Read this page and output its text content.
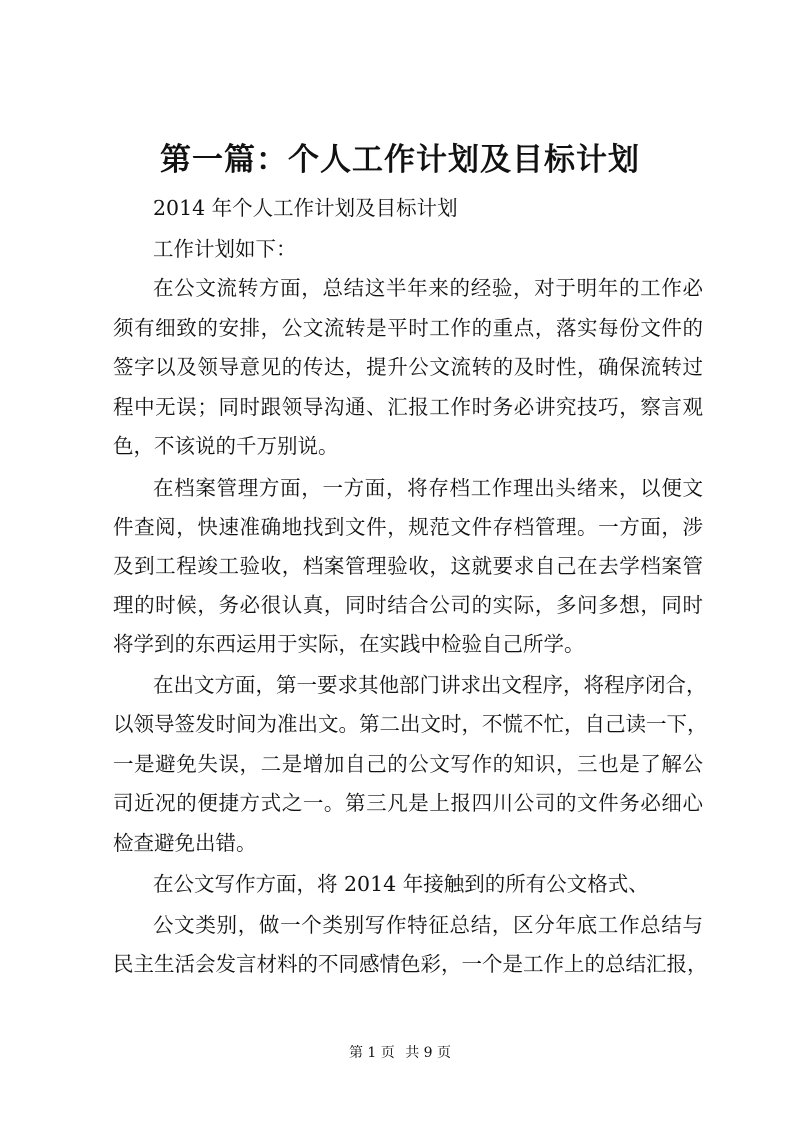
第一篇：个人工作计划及目标计划
2014 年个人工作计划及目标计划
工作计划如下：
在公文流转方面，总结这半年来的经验，对于明年的工作必
须有细致的安排，公文流转是平时工作的重点，落实每份文件的
签字以及领导意见的传达，提升公文流转的及时性，确保流转过
程中无误；同时跟领导沟通、汇报工作时务必讲究技巧，察言观
色，不该说的千万别说。
在档案管理方面，一方面，将存档工作理出头绪来，以便文
件查阅，快速准确地找到文件，规范文件存档管理。一方面，涉
及到工程竣工验收，档案管理验收，这就要求自己在去学档案管
理的时候，务必很认真，同时结合公司的实际，多问多想，同时
将学到的东西运用于实际，在实践中检验自己所学。
在出文方面，第一要求其他部门讲求出文程序，将程序闭合，
以领导签发时间为准出文。第二出文时，不慌不忙，自己读一下，
一是避免失误，二是增加自己的公文写作的知识，三也是了解公
司近况的便捷方式之一。第三凡是上报四川公司的文件务必细心
检查避免出错。
在公文写作方面，将 2014 年接触到的所有公文格式、
公文类别，做一个类别写作特征总结，区分年底工作总结与
民主生活会发言材料的不同感情色彩，一个是工作上的总结汇报，
第 1 页 共 9 页
